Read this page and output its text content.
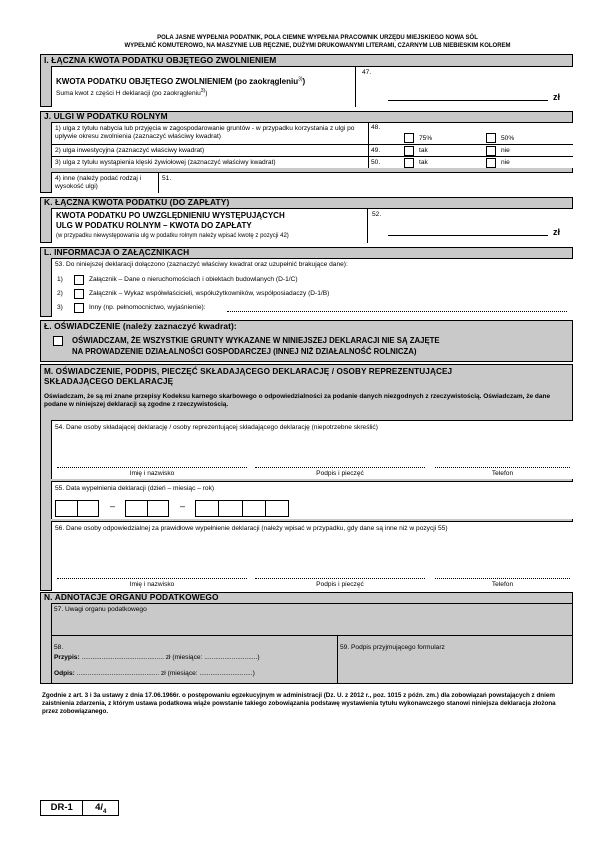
POLA JASNE WYPEŁNIA PODATNIK, POLA CIEMNE WYPEŁNIA PRACOWNIK URZĘDU MIEJSKIEGO NOWA SÓL
WYPEŁNIĆ KOMUTEROWO, NA MASZYNIE LUB RĘCZNIE, DUŻYMI DRUKOWANYMI LITERAMI, CZARNYM LUB NIEBIESKIM KOLOREM
I. ŁĄCZNA KWOTA PODATKU OBJĘTEGO ZWOLNIENIEM
KWOTA PODATKU OBJĘTEGO ZWOLNIENIEM (po zaokrągleniu$^{3)}$)
Suma kwot z części H deklaracji (po zaokrągleniu$^{3)}$)
47.
zł
J. ULGI W PODATKU ROLNYM
1) ulga z tytułu nabycia lub przyjęcia w zagospodarowanie gruntów - w przypadku korzystania z ulgi po upływie okresu zwolnienia (zaznaczyć właściwy kwadrat)
48.
75%	50%
2) ulga inwestycyjna (zaznaczyć właściwy kwadrat)	49.	tak	nie
3) ulga z tytułu wystąpienia klęski żywiołowej (zaznaczyć właściwy kwadrat)	50.	tak	nie
4) inne (należy podać rodzaj i wysokość ulgi)
51.
K. ŁĄCZNA KWOTA PODATKU (DO ZAPŁATY)
KWOTA PODATKU PO UWZGLĘDNIENIU WYSTĘPUJĄCYCH
ULG W PODATKU ROLNYM – KWOTA DO ZAPŁATY
(w przypadku niewystępowania ulg w podatku rolnym należy wpisać kwotę z pozycji 42)
52.
zł
L. INFORMACJA O ZAŁĄCZNIKACH
53. Do niniejszej deklaracji dołączono (zaznaczyć właściwy kwadrat oraz uzupełnić brakujące dane):
1)	Załącznik – Dane o nieruchomościach i obiektach budowlanych (D-1/C)
2)	Załącznik – Wykaz współwłaścicieli, współużytkowników, współposiadaczy (D-1/B)
3)	Inny (np. pełnomocnictwo, wyjaśnienie):
Ł. OŚWIADCZENIE (należy zaznaczyć kwadrat):
OŚWIADCZAM, ŻE WSZYSTKIE GRUNTY WYKAZANE W NINIEJSZEJ DEKLARACJI NIE SĄ ZAJĘTE
NA PROWADZENIE DZIAŁALNOŚCI GOSPODARCZEJ (INNEJ NIŻ DZIAŁALNOŚĆ ROLNICZA)
M. OŚWIADCZENIE, PODPIS, PIECZĘĆ SKŁADAJĄCEGO DEKLARACJĘ / OSOBY REPREZENTUJĄCEJ
SKŁADAJĄCEGO DEKLARACJĘ
Oświadczam, że są mi znane przepisy Kodeksu karnego skarbowego o odpowiedzialności za podanie danych niezgodnych z rzeczywistością. Oświadczam, że dane podane w niniejszej deklaracji są zgodne z rzeczywistością.
54. Dane osoby składającej deklarację / osoby reprezentującej składającego deklarację (niepotrzebne skreślić)
Imię i nazwisko	Podpis i pieczęć	Telefon
55. Data wypełnienia deklaracji (dzień – miesiąc – rok)
–	–
56. Dane osoby odpowiedzialnej za prawidłowe wypełnienie deklaracji (należy wpisać w przypadku, gdy dane są inne niż w pozycji 55)
Imię i nazwisko	Podpis i pieczęć	Telefon
N. ADNOTACJE ORGANU PODATKOWEGO
57. Uwagi organu podatkowego
58.
Przypis: ............................................. zł (miesiące: .............................)
Odpis: ............................................. zł (miesiące: .............................)
59. Podpis przyjmującego formularz
Zgodnie z art. 3 i 3a ustawy z dnia 17.06.1966r. o postępowaniu egzekucyjnym w administracji (Dz. U. z 2012 r., poz. 1015 z późn. zm.) dla zobowiązań powstających z dniem zaistnienia zdarzenia, z którym ustawa podatkowa wiąże powstanie takiego zobowiązania podstawę wystawienia tytułu wykonawczego stanowi niniejsza deklaracja złożona przez zobowiązanego.
DR-1	$4/_4$
